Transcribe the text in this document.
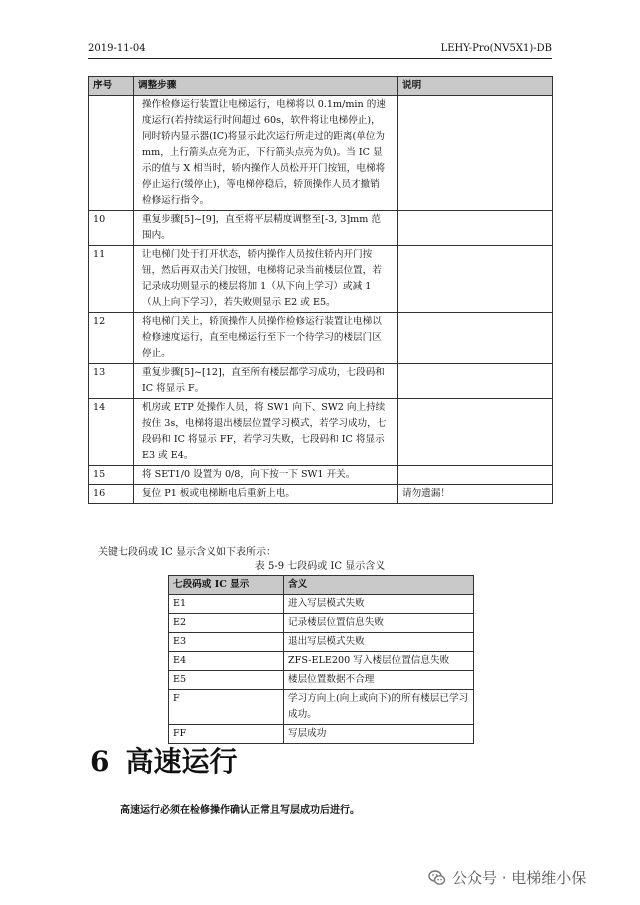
2019-11-04	LEHY-Pro(NV5X1)-DB
序号	调整步骤	说明
	操作检修运行装置让电梯运行，电梯将以 0.1m/min 的速度运行(若持续运行时间超过 60s，软件将让电梯停止)，同时轿内显示器(IC)将显示此次运行所走过的距离(单位为 mm，上行箭头点亮为正，下行箭头点亮为负)。当 IC 显示的值与 X 相当时，轿内操作人员松开开门按钮，电梯将停止运行(缓停止)，等电梯停稳后，轿顶操作人员才撤销检修运行指令。	
10	重复步骤[5]~[9]，直至将平层精度调整至[-3, 3]mm 范围内。	
11	让电梯门处于打开状态，轿内操作人员按住轿内开门按钮，然后再双击关门按钮，电梯将记录当前楼层位置，若记录成功则显示的楼层将加 1（从下向上学习）或减 1（从上向下学习），若失败则显示 E2 或 E5。	
12	将电梯门关上，轿顶操作人员操作检修运行装置让电梯以检修速度运行，直至电梯运行至下一个待学习的楼层门区停止。	
13	重复步骤[5]~[12]，直至所有楼层都学习成功，七段码和 IC 将显示 F。	
14	机房或 ETP 处操作人员，将 SW1 向下、SW2 向上持续按住 3s，电梯将退出楼层位置学习模式，若学习成功，七段码和 IC 将显示 FF，若学习失败，七段码和 IC 将显示 E3 或 E4。	
15	将 SET1/0 设置为 0/8，向下按一下 SW1 开关。	
16	复位 P1 板或电梯断电后重新上电。	请勿遗漏！
关键七段码或 IC 显示含义如下表所示：
表 5-9 七段码或 IC 显示含义
七段码或 IC 显示	含义
E1	进入写层模式失败
E2	记录楼层位置信息失败
E3	退出写层模式失败
E4	ZFS-ELE200 写入楼层位置信息失败
E5	楼层位置数据不合理
F	学习方向上(向上或向下)的所有楼层已学习成功。
FF	写层成功
6 高速运行
高速运行必须在检修操作确认正常且写层成功后进行。
公众号 · 电梯维小保
